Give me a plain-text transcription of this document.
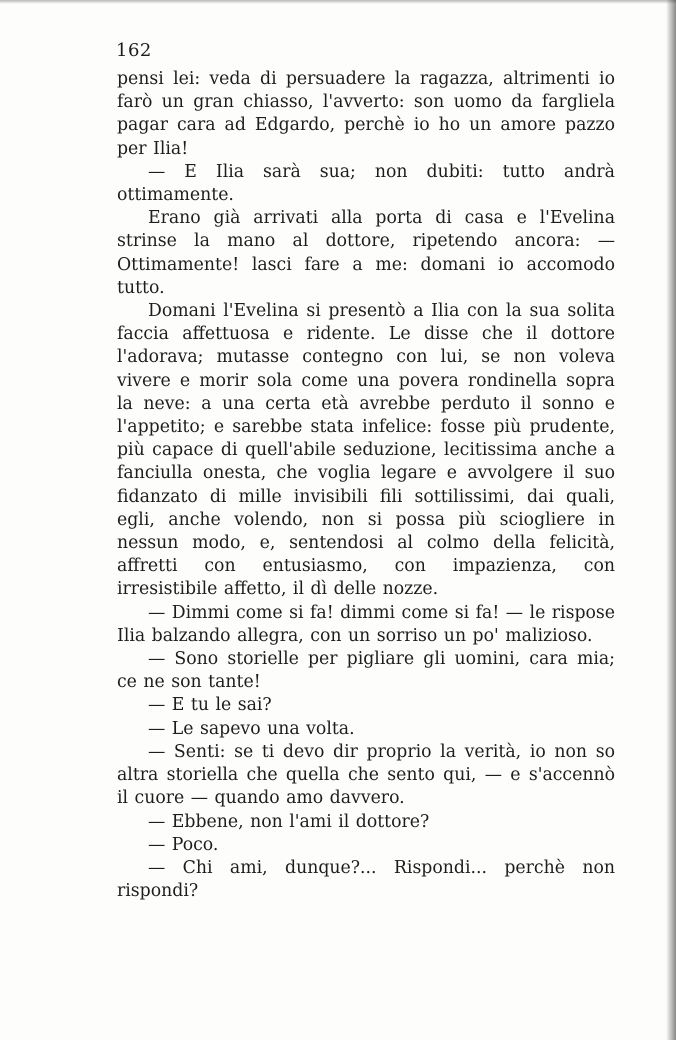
162

pensi lei: veda di persuadere la ragazza, altrimenti io farò un gran chiasso, l'avverto: son uomo da fargliela pagar cara ad Edgardo, perchè io ho un amore pazzo per Ilia!

— E Ilia sarà sua; non dubiti: tutto andrà ottimamente.

Erano già arrivati alla porta di casa e l'Evelina strinse la mano al dottore, ripetendo ancora: — Ottimamente! lasci fare a me: domani io accomodo tutto.

Domani l'Evelina si presentò a Ilia con la sua solita faccia affettuosa e ridente. Le disse che il dottore l'adorava; mutasse contegno con lui, se non voleva vivere e morir sola come una povera rondinella sopra la neve: a una certa età avrebbe perduto il sonno e l'appetito; e sarebbe stata infelice: fosse più prudente, più capace di quell'abile seduzione, lecitissima anche a fanciulla onesta, che voglia legare e avvolgere il suo fidanzato di mille invisibili fili sottilissimi, dai quali, egli, anche volendo, non si possa più sciogliere in nessun modo, e, sentendosi al colmo della felicità, affretti con entusiasmo, con impazienza, con irresistibile affetto, il dì delle nozze.

— Dimmi come si fa! dimmi come si fa! — le rispose Ilia balzando allegra, con un sorriso un po' malizioso.

— Sono storielle per pigliare gli uomini, cara mia; ce ne son tante!

— E tu le sai?

— Le sapevo una volta.

— Senti: se ti devo dir proprio la verità, io non so altra storiella che quella che sento qui, — e s'accennò il cuore — quando amo davvero.

— Ebbene, non l'ami il dottore?

— Poco.

— Chi ami, dunque?... Rispondi... perchè non rispondi?
